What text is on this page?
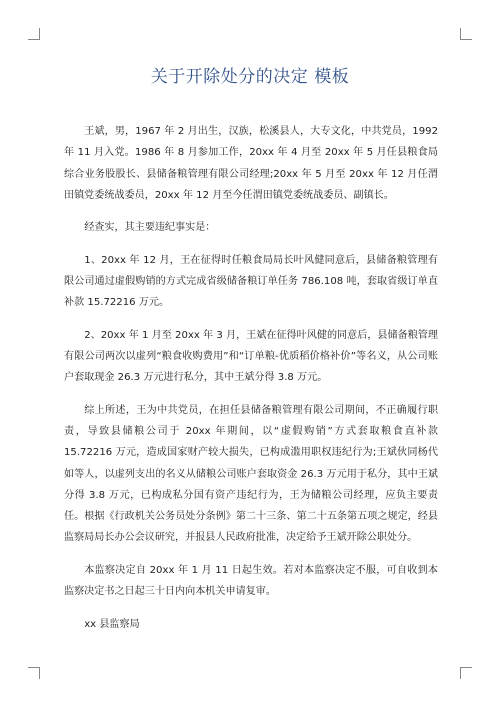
关于开除处分的决定 模板

王斌，男，1967 年 2 月出生，汉族，松溪县人，大专文化，中共党员，1992 年 11 月入党。1986 年 8 月参加工作，20xx 年 4 月至 20xx 年 5 月任县粮食局综合业务股股长、县储备粮管理有限公司经理;20xx 年 5 月至 20xx 年 12 月任渭田镇党委统战委员，20xx 年 12 月至今任渭田镇党委统战委员、副镇长。

经查实，其主要违纪事实是：

1、20xx 年 12 月，王在征得时任粮食局局长叶风健同意后，县储备粮管理有限公司通过虚假购销的方式完成省级储备粮订单任务 786.108 吨，套取省级订单直补款 15.72216 万元。

2、20xx 年 1 月至 20xx 年 3 月，王斌在征得叶风健的同意后，县储备粮管理有限公司两次以虚列“粮食收购费用”和“订单粮-优质稻价格补价”等名义，从公司账户套取现金 26.3 万元进行私分，其中王斌分得 3.8 万元。

综上所述，王为中共党员，在担任县储备粮管理有限公司期间，不正确履行职责，导致县储粮公司于 20xx 年期间，以“虚假购销”方式套取粮食直补款 15.72216 万元，造成国家财产较大损失，已构成滥用职权违纪行为;王斌伙同杨代如等人，以虚列支出的名义从储粮公司账户套取资金 26.3 万元用于私分，其中王斌分得 3.8 万元，已构成私分国有资产违纪行为，王为储粮公司经理，应负主要责任。根据《行政机关公务员处分条例》第二十三条、第二十五条第五项之规定，经县监察局局长办公会议研究，并报县人民政府批准，决定给予王斌开除公职处分。

本监察决定自 20xx 年 1 月 11 日起生效。若对本监察决定不服，可自收到本监察决定书之日起三十日内向本机关申请复审。

xx 县监察局
